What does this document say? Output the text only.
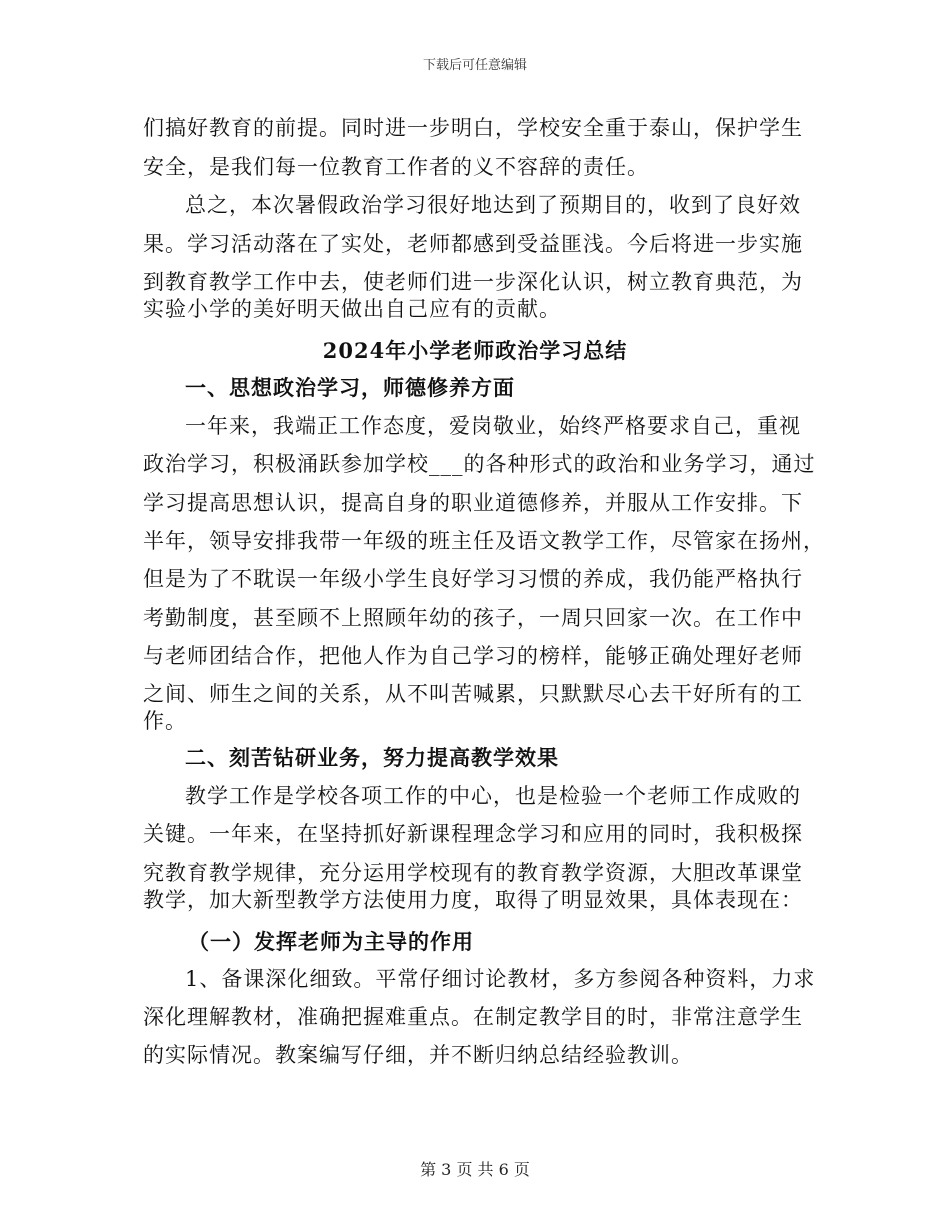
下载后可任意编辑
们搞好教育的前提。同时进一步明白，学校安全重于泰山，保护学生
安全，是我们每一位教育工作者的义不容辞的责任。
总之，本次暑假政治学习很好地达到了预期目的，收到了良好效
果。学习活动落在了实处，老师都感到受益匪浅。今后将进一步实施
到教育教学工作中去，使老师们进一步深化认识，树立教育典范，为
实验小学的美好明天做出自己应有的贡献。
2024年小学老师政治学习总结
一、思想政治学习，师德修养方面
一年来，我端正工作态度，爱岗敬业，始终严格要求自己，重视
政治学习，积极涌跃参加学校___的各种形式的政治和业务学习，通过
学习提高思想认识，提高自身的职业道德修养，并服从工作安排。下
半年，领导安排我带一年级的班主任及语文教学工作，尽管家在扬州，
但是为了不耽误一年级小学生良好学习习惯的养成，我仍能严格执行
考勤制度，甚至顾不上照顾年幼的孩子，一周只回家一次。在工作中
与老师团结合作，把他人作为自己学习的榜样，能够正确处理好老师
之间、师生之间的关系，从不叫苦喊累，只默默尽心去干好所有的工
作。
二、刻苦钻研业务，努力提高教学效果
教学工作是学校各项工作的中心，也是检验一个老师工作成败的
关键。一年来，在坚持抓好新课程理念学习和应用的同时，我积极探
究教育教学规律，充分运用学校现有的教育教学资源，大胆改革课堂
教学，加大新型教学方法使用力度，取得了明显效果，具体表现在：
（一）发挥老师为主导的作用
1、备课深化细致。平常仔细讨论教材，多方参阅各种资料，力求
深化理解教材，准确把握难重点。在制定教学目的时，非常注意学生
的实际情况。教案编写仔细，并不断归纳总结经验教训。
第 3 页 共 6 页
